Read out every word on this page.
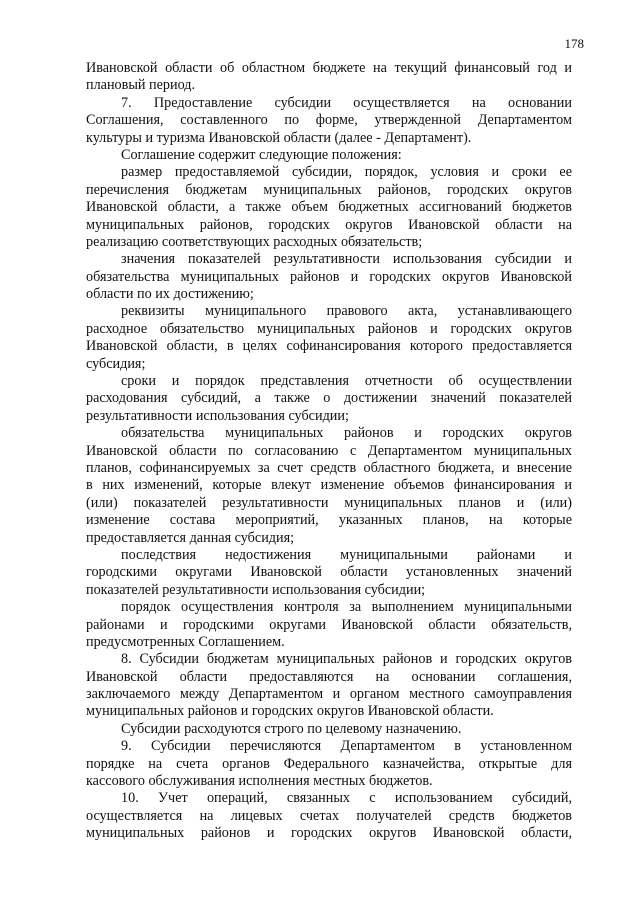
178
Ивановской области об областном бюджете на текущий финансовый год и
плановый период.
7. Предоставление субсидии осуществляется на основании
Соглашения, составленного по форме, утвержденной Департаментом
культуры и туризма Ивановской области (далее - Департамент).
Соглашение содержит следующие положения:
размер предоставляемой субсидии, порядок, условия и сроки ее
перечисления бюджетам муниципальных районов, городских округов
Ивановской области, а также объем бюджетных ассигнований бюджетов
муниципальных районов, городских округов Ивановской области на
реализацию соответствующих расходных обязательств;
значения показателей результативности использования субсидии и
обязательства муниципальных районов и городских округов Ивановской
области по их достижению;
реквизиты муниципального правового акта, устанавливающего
расходное обязательство муниципальных районов и городских округов
Ивановской области, в целях софинансирования которого предоставляется
субсидия;
сроки и порядок представления отчетности об осуществлении
расходования субсидий, а также о достижении значений показателей
результативности использования субсидии;
обязательства муниципальных районов и городских округов
Ивановской области по согласованию с Департаментом муниципальных
планов, софинансируемых за счет средств областного бюджета, и внесение
в них изменений, которые влекут изменение объемов финансирования и
(или) показателей результативности муниципальных планов и (или)
изменение состава мероприятий, указанных планов, на которые
предоставляется данная субсидия;
последствия недостижения муниципальными районами и
городскими округами Ивановской области установленных значений
показателей результативности использования субсидии;
порядок осуществления контроля за выполнением муниципальными
районами и городскими округами Ивановской области обязательств,
предусмотренных Соглашением.
8. Субсидии бюджетам муниципальных районов и городских округов
Ивановской области предоставляются на основании соглашения,
заключаемого между Департаментом и органом местного самоуправления
муниципальных районов и городских округов Ивановской области.
Субсидии расходуются строго по целевому назначению.
9. Субсидии перечисляются Департаментом в установленном
порядке на счета органов Федерального казначейства, открытые для
кассового обслуживания исполнения местных бюджетов.
10. Учет операций, связанных с использованием субсидий,
осуществляется на лицевых счетах получателей средств бюджетов
муниципальных районов и городских округов Ивановской области,
